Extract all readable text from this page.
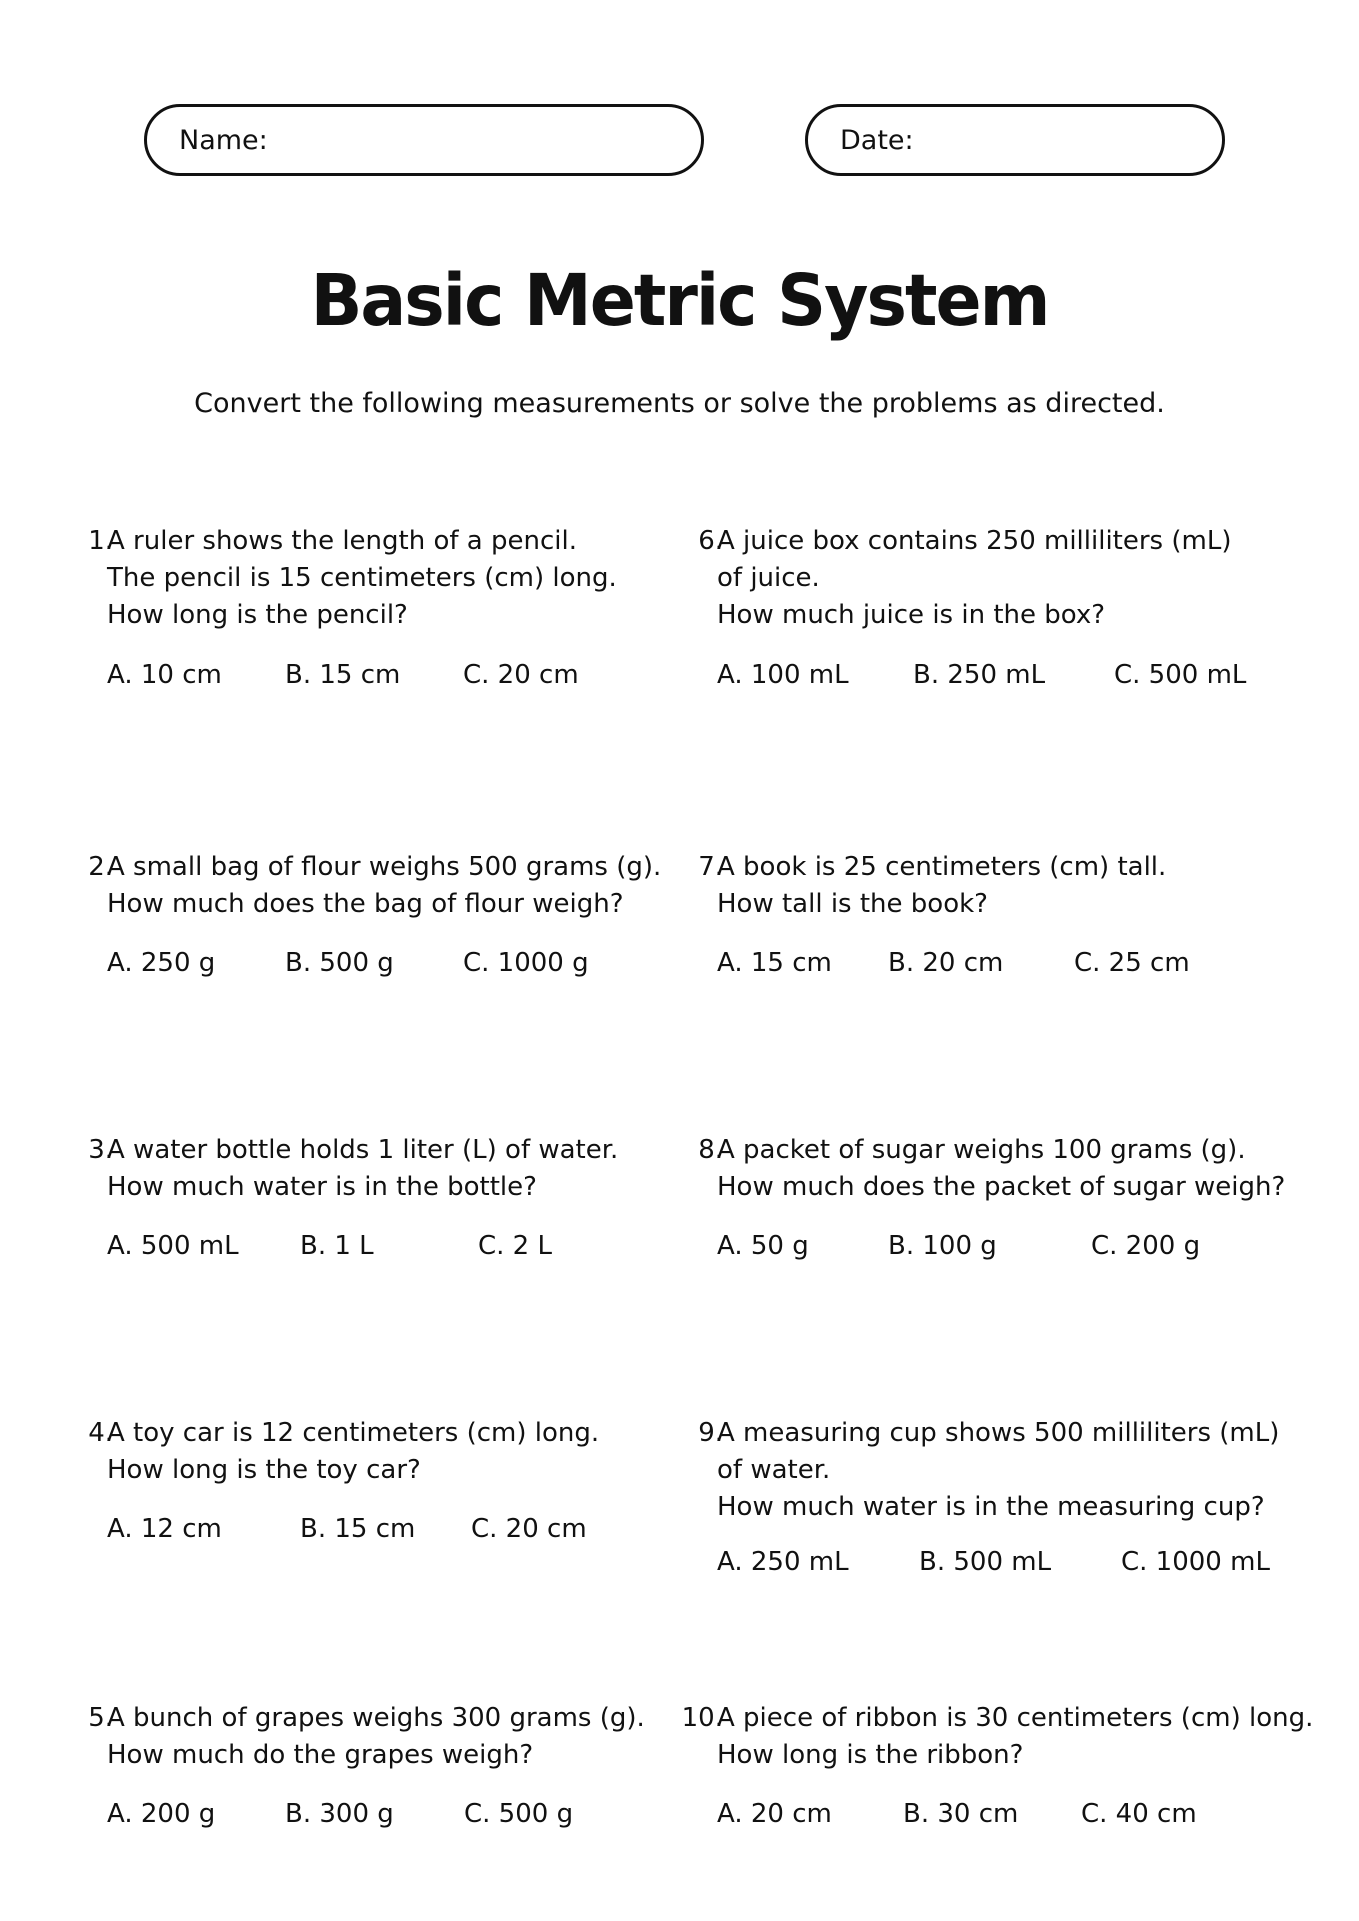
Name:	Date:
Basic Metric System
Convert the following measurements or solve the problems as directed.
1.
A ruler shows the length of a pencil.
The pencil is 15 centimeters (cm) long.
How long is the pencil?
A. 10 cm B. 15 cm C. 20 cm
2.
A small bag of flour weighs 500 grams (g).
How much does the bag of flour weigh?
A. 250 g	B. 500 g	C. 1000 g
3.
A water bottle holds 1 liter (L) of water.
How much water is in the bottle?
A. 500 mL B. 1 L	C. 2 L
4.
A toy car is 12 centimeters (cm) long.
How long is the toy car?
A. 12 cm	B. 15 cm C. 20 cm
5.
A bunch of grapes weighs 300 grams (g).
How much do the grapes weigh?
A. 200 g	B. 300 g	C. 500 g
6.
A juice box contains 250 milliliters (mL)
of juice.
How much juice is in the box?
A. 100 mL B. 250 mL	C. 500 mL
7.
A book is 25 centimeters (cm) tall.
How tall is the book?
A. 15 cm B. 20 cm	C. 25 cm
8.
A packet of sugar weighs 100 grams (g).
How much does the packet of sugar weigh?
A. 50 g	B. 100 g	C. 200 g
9.
A measuring cup shows 500 milliliters (mL)
of water.
How much water is in the measuring cup?
A. 250 mL	B. 500 mL	C. 1000 mL
10.
A piece of ribbon is 30 centimeters (cm) long.
How long is the ribbon?
A. 20 cm	B. 30 cm C. 40 cm
